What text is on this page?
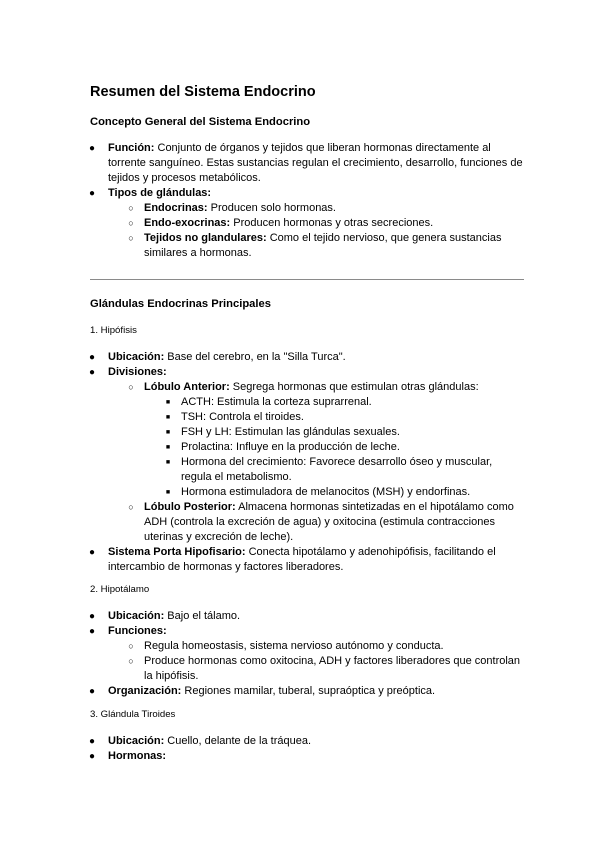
Resumen del Sistema Endocrino
Concepto General del Sistema Endocrino
● Función: Conjunto de órganos y tejidos que liberan hormonas directamente al
torrente sanguíneo. Estas sustancias regulan el crecimiento, desarrollo, funciones de
tejidos y procesos metabólicos.
● Tipos de glándulas:
○ Endocrinas: Producen solo hormonas.
○ Endo-exocrinas: Producen hormonas y otras secreciones.
○ Tejidos no glandulares: Como el tejido nervioso, que genera sustancias
similares a hormonas.
Glándulas Endocrinas Principales
1. Hipófisis
● Ubicación: Base del cerebro, en la "Silla Turca".
● Divisiones:
○ Lóbulo Anterior: Segrega hormonas que estimulan otras glándulas:
■ ACTH: Estimula la corteza suprarrenal.
■ TSH: Controla el tiroides.
■ FSH y LH: Estimulan las glándulas sexuales.
■ Prolactina: Influye en la producción de leche.
■ Hormona del crecimiento: Favorece desarrollo óseo y muscular,
regula el metabolismo.
■ Hormona estimuladora de melanocitos (MSH) y endorfinas.
○ Lóbulo Posterior: Almacena hormonas sintetizadas en el hipotálamo como
ADH (controla la excreción de agua) y oxitocina (estimula contracciones
uterinas y excreción de leche).
● Sistema Porta Hipofisario: Conecta hipotálamo y adenohipófisis, facilitando el
intercambio de hormonas y factores liberadores.
2. Hipotálamo
● Ubicación: Bajo el tálamo.
● Funciones:
○ Regula homeostasis, sistema nervioso autónomo y conducta.
○ Produce hormonas como oxitocina, ADH y factores liberadores que controlan
la hipófisis.
● Organización: Regiones mamilar, tuberal, supraóptica y preóptica.
3. Glándula Tiroides
● Ubicación: Cuello, delante de la tráquea.
● Hormonas:
